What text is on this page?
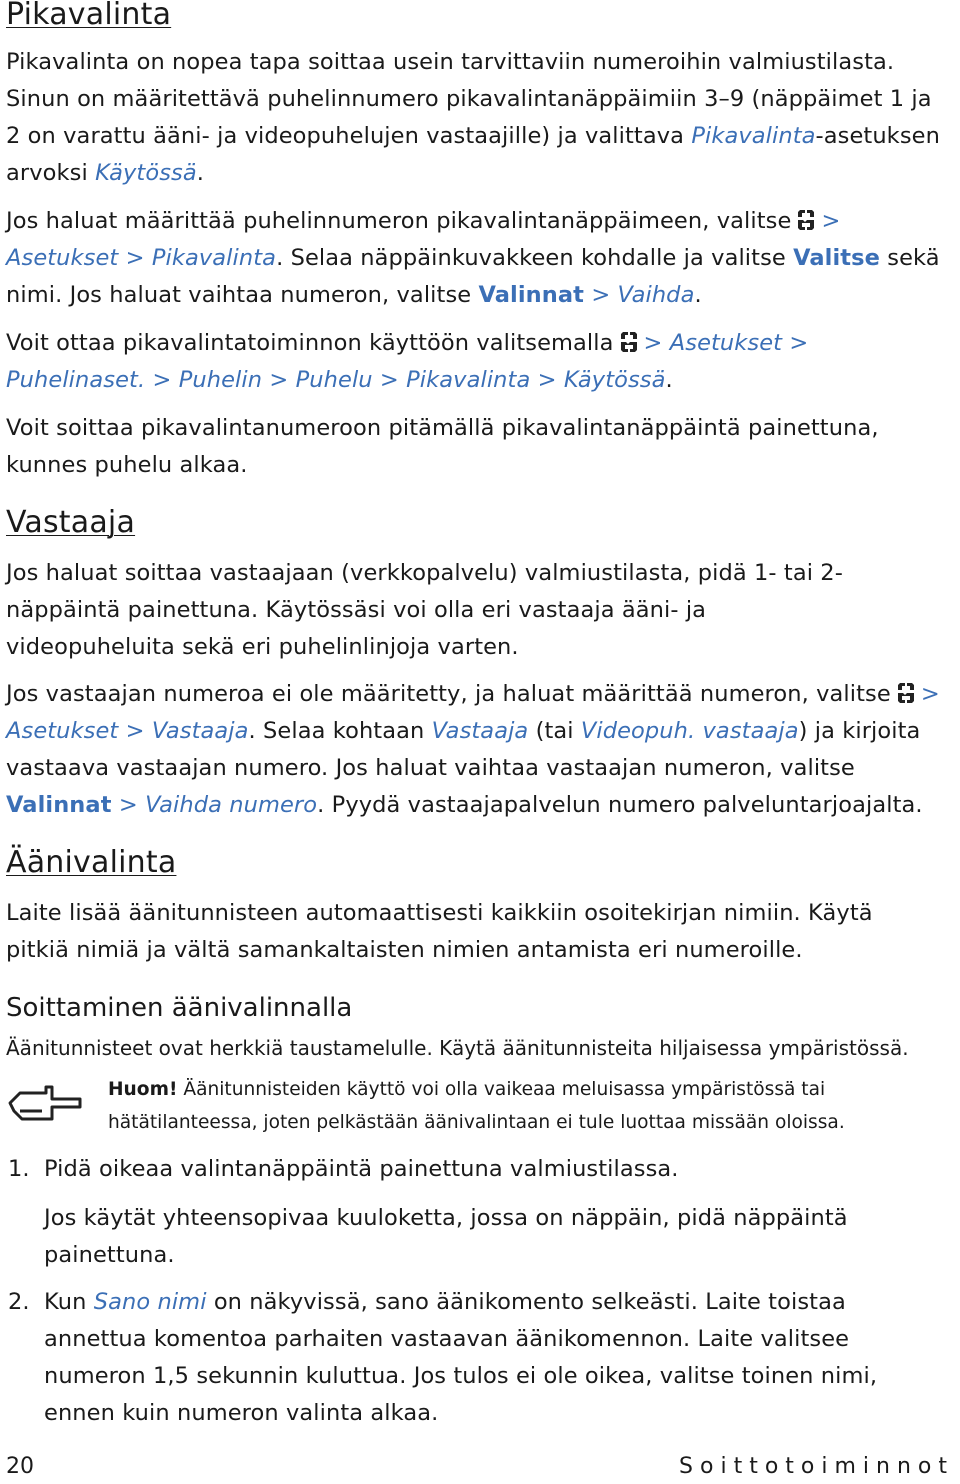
Pikavalinta

Pikavalinta on nopea tapa soittaa usein tarvittaviin numeroihin valmiustilasta. Sinun on määritettävä puhelinnumero pikavalintanäppäimiin 3–9 (näppäimet 1 ja 2 on varattu ääni- ja videopuhelujen vastaajille) ja valittava Pikavalinta-asetuksen arvoksi Käytössä.

Jos haluat määrittää puhelinnumeron pikavalintanäppäimeen, valitse > Asetukset > Pikavalinta. Selaa näppäinkuvakkeen kohdalle ja valitse Valitse sekä nimi. Jos haluat vaihtaa numeron, valitse Valinnat > Vaihda.

Voit ottaa pikavalintatoiminnon käyttöön valitsemalla > Asetukset > Puhelinaset. > Puhelin > Puhelu > Pikavalinta > Käytössä.

Voit soittaa pikavalintanumeroon pitämällä pikavalintanäppäintä painettuna, kunnes puhelu alkaa.

Vastaaja

Jos haluat soittaa vastaajaan (verkkopalvelu) valmiustilasta, pidä 1- tai 2-näppäintä painettuna. Käytössäsi voi olla eri vastaaja ääni- ja videopuheluita sekä eri puhelinlinjoja varten.

Jos vastaajan numeroa ei ole määritetty, ja haluat määrittää numeron, valitse > Asetukset > Vastaaja. Selaa kohtaan Vastaaja (tai Videopuh. vastaaja) ja kirjoita vastaava vastaajan numero. Jos haluat vaihtaa vastaajan numeron, valitse Valinnat > Vaihda numero. Pyydä vastaajapalvelun numero palveluntarjoajalta.

Äänivalinta

Laite lisää äänitunnisteen automaattisesti kaikkiin osoitekirjan nimiin. Käytä pitkiä nimiä ja vältä samankaltaisten nimien antamista eri numeroille.

Soittaminen äänivalinnalla

Äänitunnisteet ovat herkkiä taustamelulle. Käytä äänitunnisteita hiljaisessa ympäristössä.

Huom! Äänitunnisteiden käyttö voi olla vaikeaa meluisassa ympäristössä tai hätätilanteessa, joten pelkästään äänivalintaan ei tule luottaa missään oloissa.

1. Pidä oikeaa valintanäppäintä painettuna valmiustilassa.

Jos käytät yhteensopivaa kuuloketta, jossa on näppäin, pidä näppäintä painettuna.

2. Kun Sano nimi on näkyvissä, sano äänikomento selkeästi. Laite toistaa annettua komentoa parhaiten vastaavan äänikomennon. Laite valitsee numeron 1,5 sekunnin kuluttua. Jos tulos ei ole oikea, valitse toinen nimi, ennen kuin numeron valinta alkaa.

20	Soittotoiminnot
